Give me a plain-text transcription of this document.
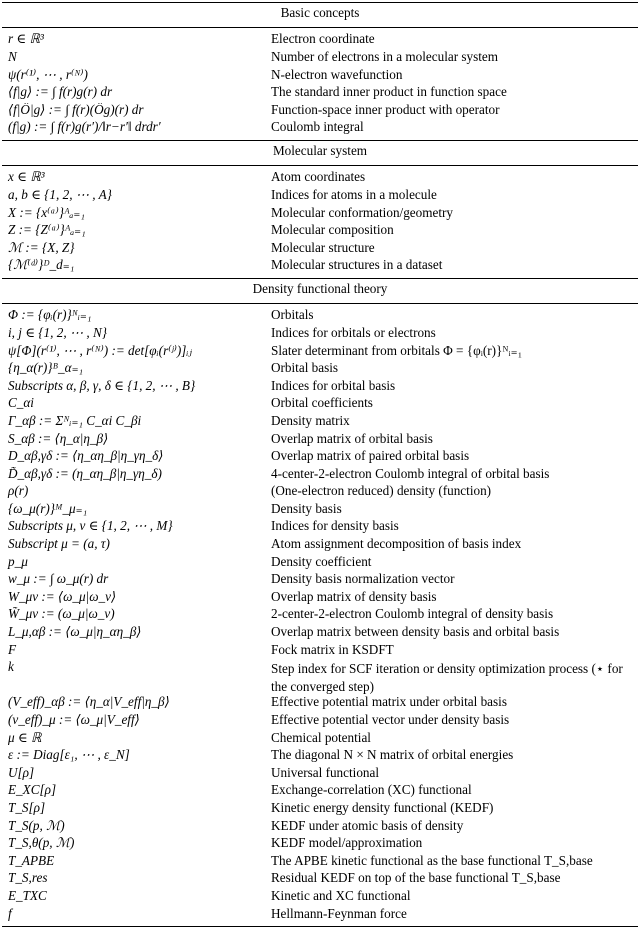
Basic concepts	
r ∈ ℝ³	Electron coordinate
N	Number of electrons in a molecular system
ψ(r⁽¹⁾, ⋯ , r⁽ᴺ⁾)	N-electron wavefunction
⟨f|g⟩ := ∫ f(r)g(r) dr	The standard inner product in function space
⟨f|Ô|g⟩ := ∫ f(r)(Ôg)(r) dr	Function-space inner product with operator
(f|g) := ∫ f(r)g(r′)/‖r−r′‖ drdr′	Coulomb integral
Molecular system	
x ∈ ℝ³	Atom coordinates
a, b ∈ {1, 2, ⋯ , A}	Indices for atoms in a molecule
X := {x⁽ᵃ⁾}ᴬₐ₌₁	Molecular conformation/geometry
Z := {Z⁽ᵃ⁾}ᴬₐ₌₁	Molecular composition
ℳ := {X, Z}	Molecular structure
{ℳ⁽ᵈ⁾}ᴰ_d₌₁	Molecular structures in a dataset
Density functional theory	
Φ := {φᵢ(r)}ᴺᵢ₌₁	Orbitals
i, j ∈ {1, 2, ⋯ , N}	Indices for orbitals or electrons
ψ[Φ](r⁽¹⁾, ⋯ , r⁽ᴺ⁾) := det[φᵢ(r⁽ʲ⁾)]ᵢⱼ	Slater determinant from orbitals Φ = {φᵢ(r)}ᴺᵢ₌₁
{η_α(r)}ᴮ_α₌₁	Orbital basis
Subscripts α, β, γ, δ ∈ {1, 2, ⋯ , B}	Indices for orbital basis
C_αi	Orbital coefficients
Γ_αβ := Σᴺᵢ₌₁ C_αi C_βi	Density matrix
S_αβ := ⟨η_α|η_β⟩	Overlap matrix of orbital basis
D_αβ,γδ := ⟨η_αη_β|η_γη_δ⟩	Overlap matrix of paired orbital basis
D̃_αβ,γδ := (η_αη_β|η_γη_δ)	4-center-2-electron Coulomb integral of orbital basis
ρ(r)	(One-electron reduced) density (function)
{ω_μ(r)}ᴹ_μ₌₁	Density basis
Subscripts μ, ν ∈ {1, 2, ⋯ , M}	Indices for density basis
Subscript μ = (a, τ)	Atom assignment decomposition of basis index
p_μ	Density coefficient
w_μ := ∫ ω_μ(r) dr	Density basis normalization vector
W_μν := ⟨ω_μ|ω_ν⟩	Overlap matrix of density basis
W̃_μν := (ω_μ|ω_ν)	2-center-2-electron Coulomb integral of density basis
L_μ,αβ := ⟨ω_μ|η_αη_β⟩	Overlap matrix between density basis and orbital basis
F	Fock matrix in KSDFT
k	Step index for SCF iteration or density optimization process (⋆ for the converged step)
(V_eff)_αβ := ⟨η_α|V_eff|η_β⟩	Effective potential matrix under orbital basis
(v_eff)_μ := ⟨ω_μ|V_eff⟩	Effective potential vector under density basis
μ ∈ ℝ	Chemical potential
ε := Diag[ε₁, ⋯ , ε_N]	The diagonal N × N matrix of orbital energies
U[ρ]	Universal functional
E_XC[ρ]	Exchange-correlation (XC) functional
T_S[ρ]	Kinetic energy density functional (KEDF)
T_S(p, ℳ)	KEDF under atomic basis of density
T_S,θ(p, ℳ)	KEDF model/approximation
T_APBE	The APBE kinetic functional as the base functional T_S,base
T_S,res	Residual KEDF on top of the base functional T_S,base
E_TXC	Kinetic and XC functional
f	Hellmann-Feynman force
